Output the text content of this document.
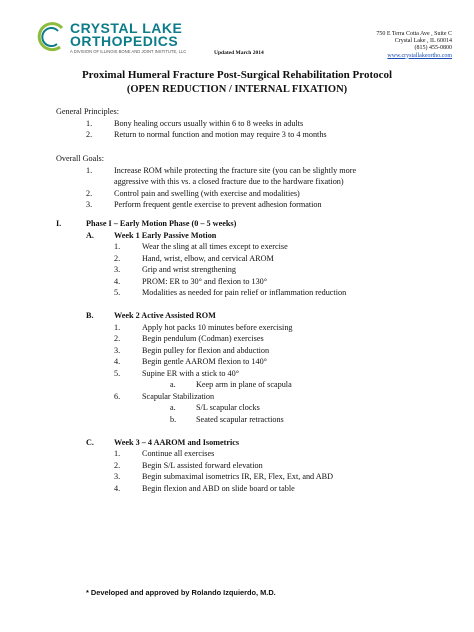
CRYSTAL LAKE
ORTHOPEDICS
A DIVISION OF ILLINOIS BONE AND JOINT INSTITUTE, LLC	Updated March 2014
750 E Terra Cotta Ave , Suite C
Crystal Lake , IL 60014
(815) 455-0800
www.crystallakeortho.com
Proximal Humeral Fracture Post-Surgical Rehabilitation Protocol
(OPEN REDUCTION / INTERNAL FIXATION)
General Principles:
1.	Bony healing occurs usually within 6 to 8 weeks in adults
2.	Return to normal function and motion may require 3 to 4 months
Overall Goals:
1.	Increase ROM while protecting the fracture site (you can be slightly more
aggressive with this vs. a closed fracture due to the hardware fixation)
2.	Control pain and swelling (with exercise and modalities)
3.	Perform frequent gentle exercise to prevent adhesion formation
I.	Phase I – Early Motion Phase (0 – 5 weeks)
A. Week 1 Early Passive Motion
1.	Wear the sling at all times except to exercise
2.	Hand, wrist, elbow, and cervical AROM
3.	Grip and wrist strengthening
4.	PROM: ER to 30° and flexion to 130°
5.	Modalities as needed for pain relief or inflammation reduction
B. Week 2 Active Assisted ROM
1.	Apply hot packs 10 minutes before exercising
2.	Begin pendulum (Codman) exercises
3.	Begin pulley for flexion and abduction
4.	Begin gentle AAROM flexion to 140°
5.	Supine ER with a stick to 40°
a. Keep arm in plane of scapula
6.	Scapular Stabilization
a. S/L scapular clocks
b. Seated scapular retractions
C. Week 3 – 4 AAROM and Isometrics
1.	Continue all exercises
2.	Begin S/L assisted forward elevation
3.	Begin submaximal isometrics IR, ER, Flex, Ext, and ABD
4.	Begin flexion and ABD on slide board or table
* Developed and approved by Rolando Izquierdo, M.D.
